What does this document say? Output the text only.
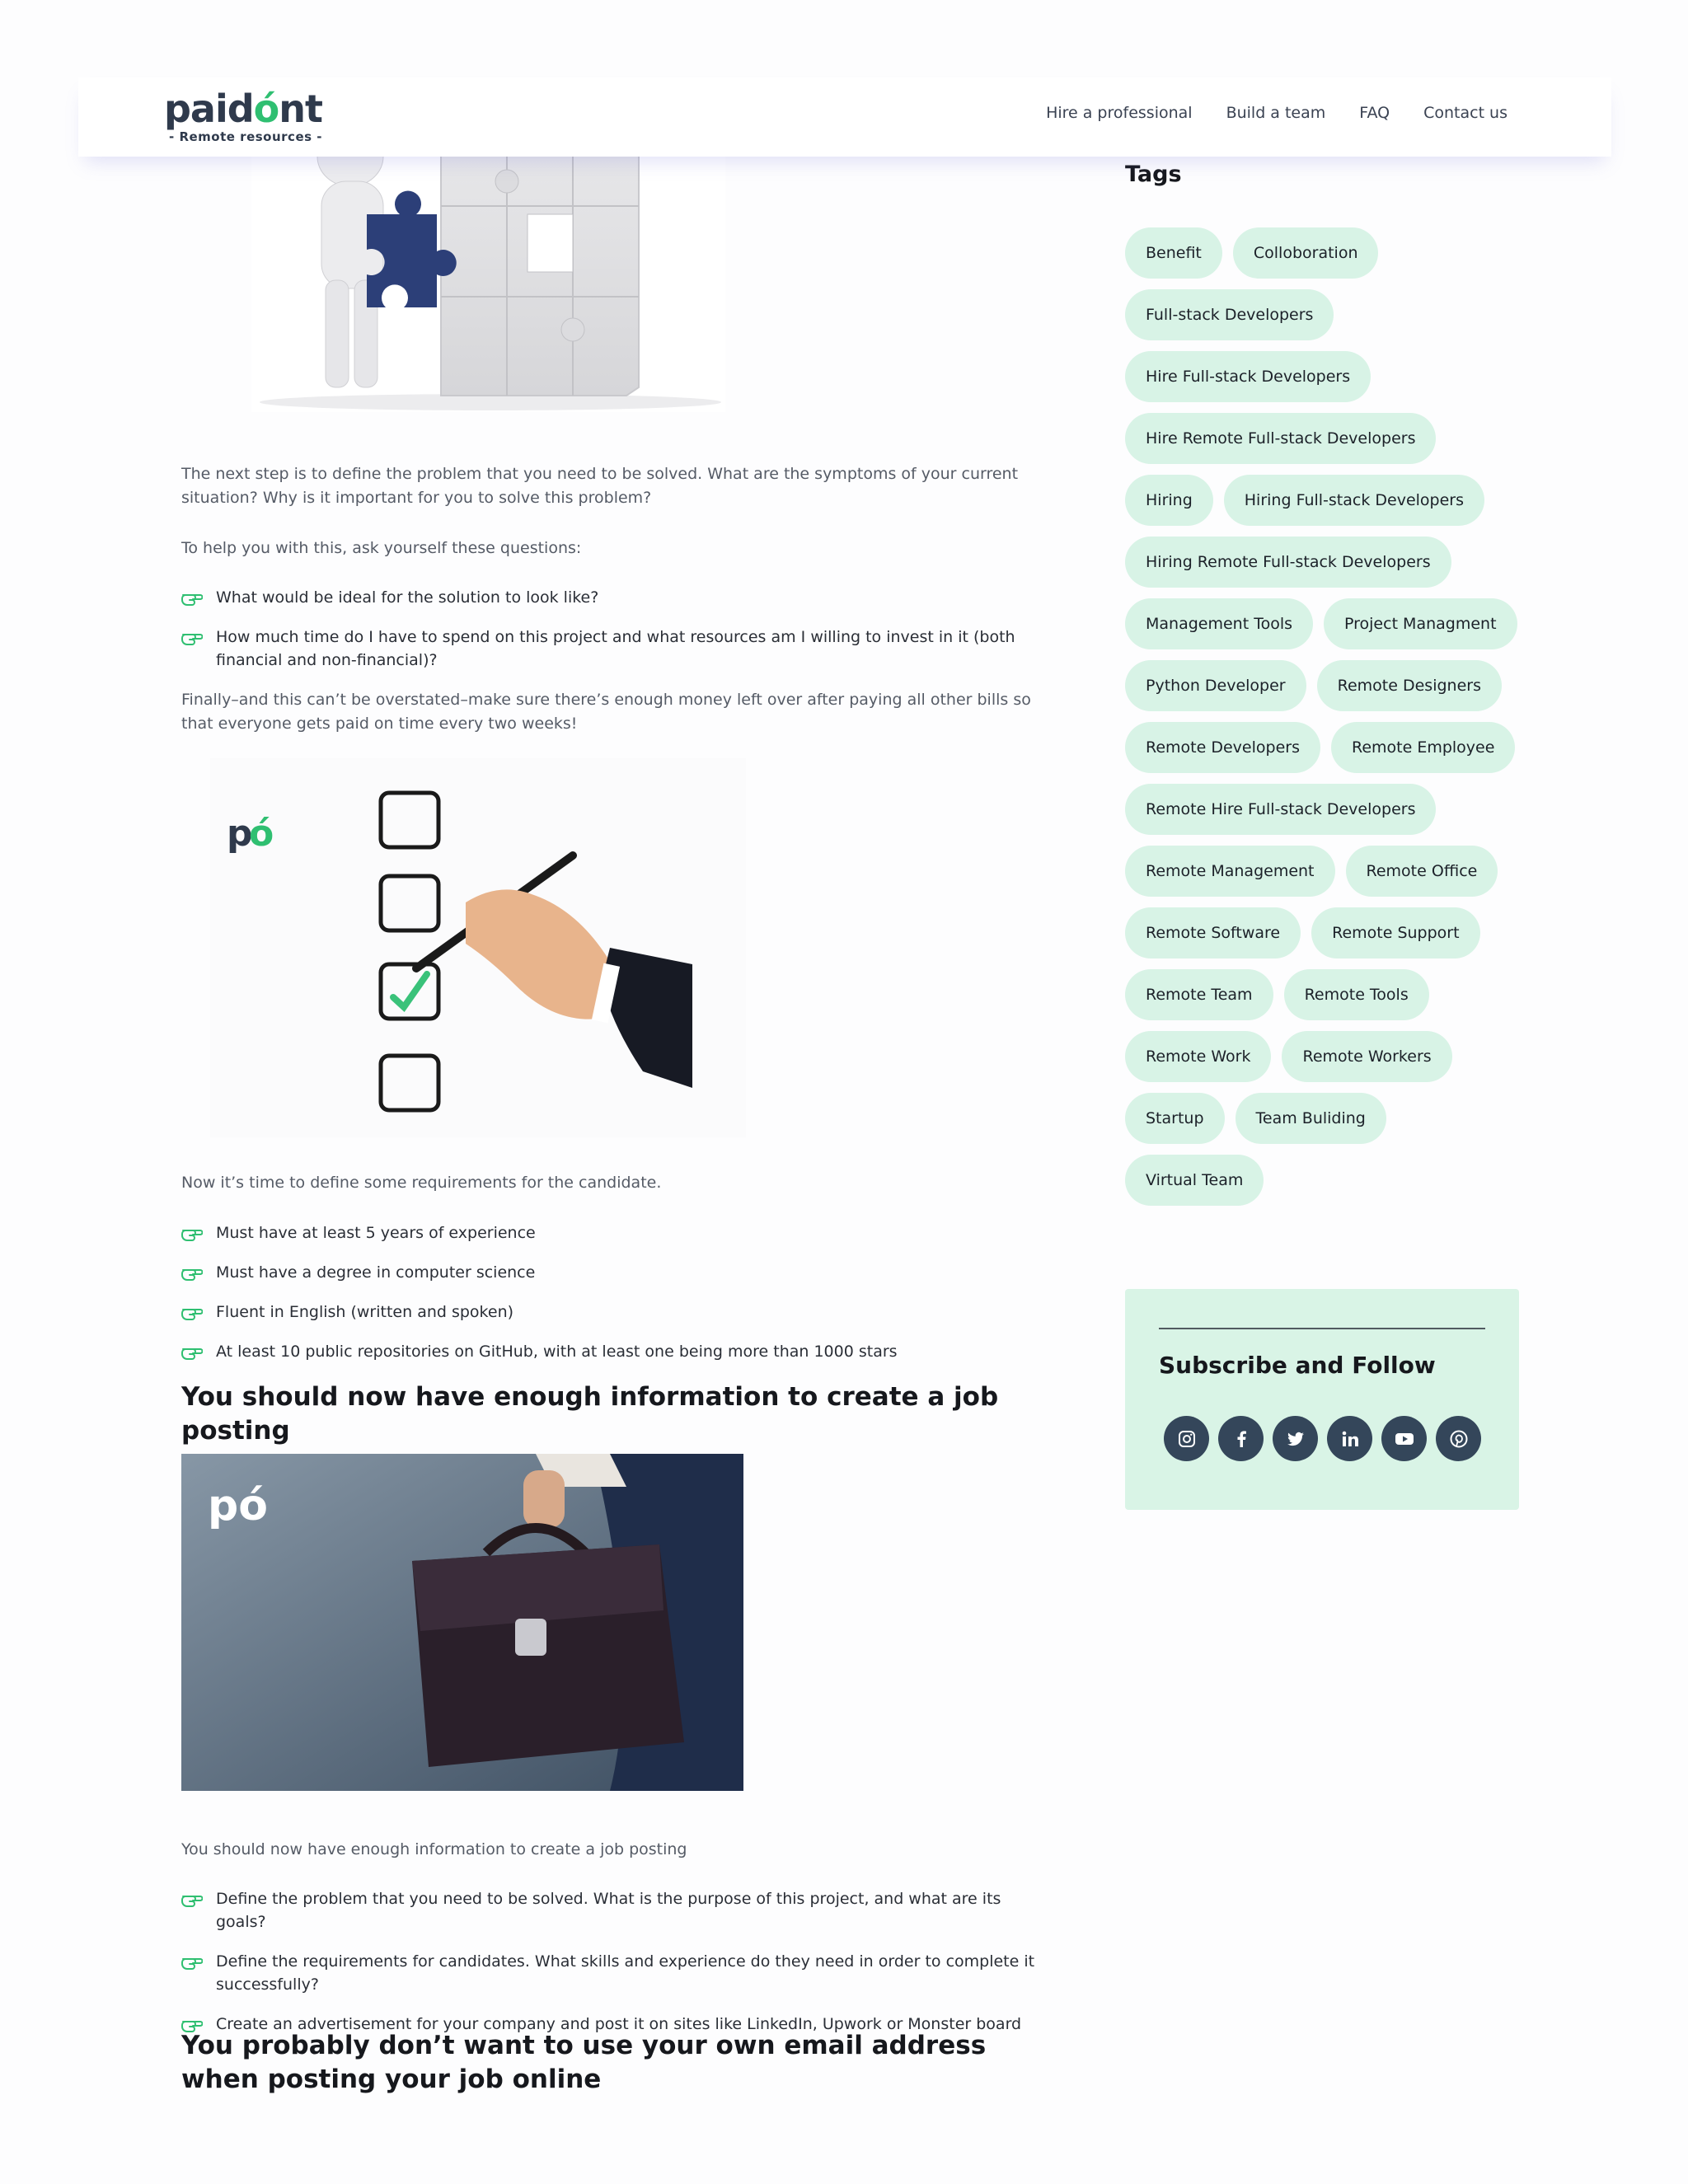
paidónt
- Remote resources -
Hire a professional Build a team FAQ Contact us

The next step is to define the problem that you need to be solved. What are the symptoms of your current situation? Why is it important for you to solve this problem?

To help you with this, ask yourself these questions:

What would be ideal for the solution to look like?
How much time do I have to spend on this project and what resources am I willing to invest in it (both financial and non-financial)?

Finally–and this can’t be overstated–make sure there’s enough money left over after paying all other bills so that everyone gets paid on time every two weeks!

p
ó

Now it’s time to define some requirements for the candidate.

Must have at least 5 years of experience
Must have a degree in computer science
Fluent in English (written and spoken)
At least 10 public repositories on GitHub, with at least one being more than 1000 stars
You should now have enough information to create a job posting
pó

You should now have enough information to create a job posting

Define the problem that you need to be solved. What is the purpose of this project, and what are its goals?
Define the requirements for candidates. What skills and experience do they need in order to complete it successfully?
Create an advertisement for your company and post it on sites like LinkedIn, Upwork or Monster board
You probably don’t want to use your own email address when posting your job online
Tags
Benefit	Colloboration
Full-stack Developers
Hire Full-stack Developers
Hire Remote Full-stack Developers
Hiring	Hiring Full-stack Developers
Hiring Remote Full-stack Developers
Management Tools	Project Managment
Python Developer	Remote Designers
Remote Developers	Remote Employee
Remote Hire Full-stack Developers
Remote Management	Remote Office
Remote Software	Remote Support
Remote Team	Remote Tools
Remote Work	Remote Workers
Startup	Team Buliding
Virtual Team
Subscribe and Follow
